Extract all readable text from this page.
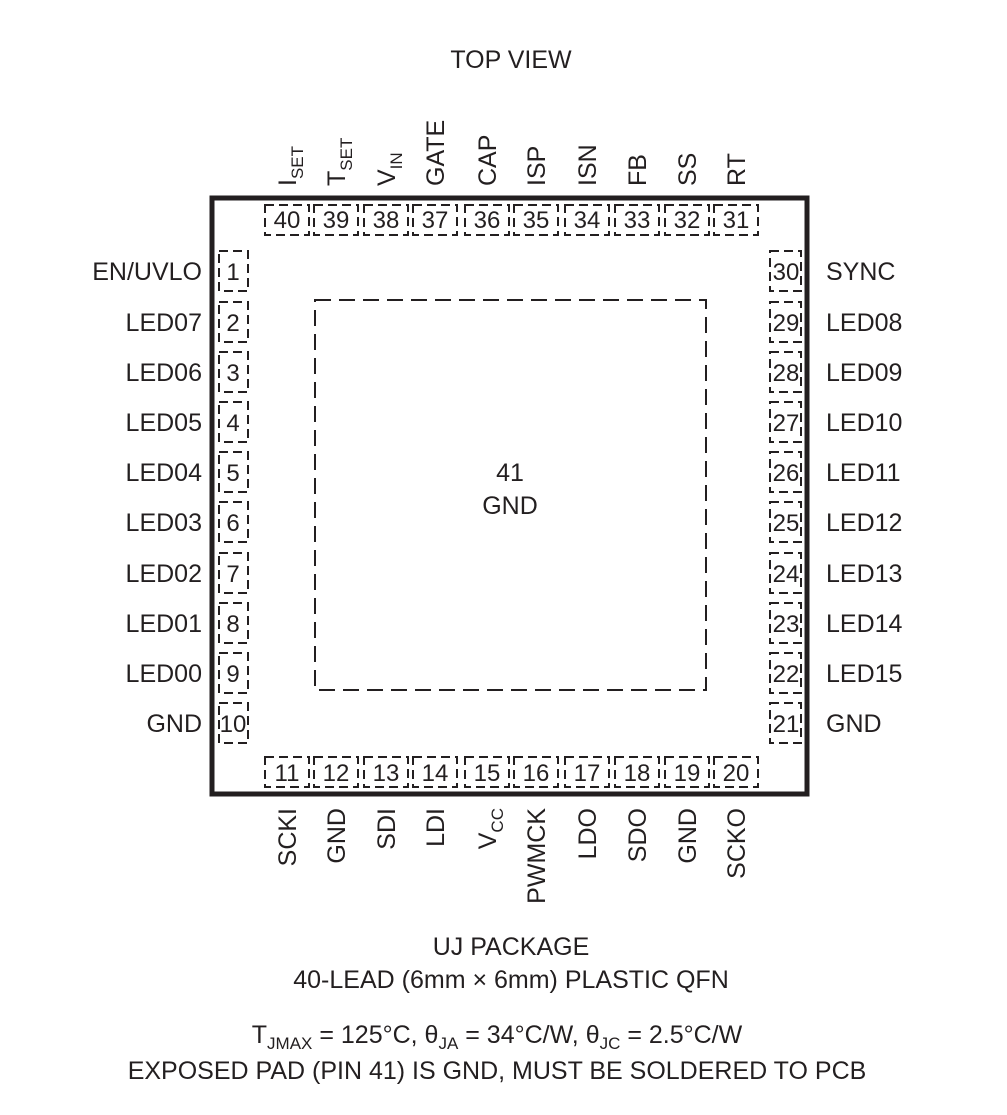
TOP VIEW
41
GND
1
EN/UVLO
2
LED07
3
LED06
4
LED05
5
LED04
6
LED03
7
LED02
8
LED01
9
LED00
10
GND	21 GND
22 LED15
23 LED14
24 LED13
25 LED12
26 LED11
27 LED10
28 LED09
29 LED08
30 SYNC
31
RT
32
SS
33
FB
34
ISN
35
ISP
36
CAP
37
GATE
38
$V_{IN}$
39
$T_{SET}$
40
$I_{SET}$
11
SCKI
12
GND
13
SDI
14
LDI
15
$V_{CC}$
16
PWMCK
17
LDO
18
SDO
19
GND
20
SCKO
UJ PACKAGE
40-LEAD (6mm × 6mm) PLASTIC QFN
$T_{JMAX} = 125^\circ C$, $\theta_{JA} = 34^\circ C/W$, $\theta_{JC} = 2.5^\circ C/W$
EXPOSED PAD (PIN 41) IS GND, MUST BE SOLDERED TO PCB
